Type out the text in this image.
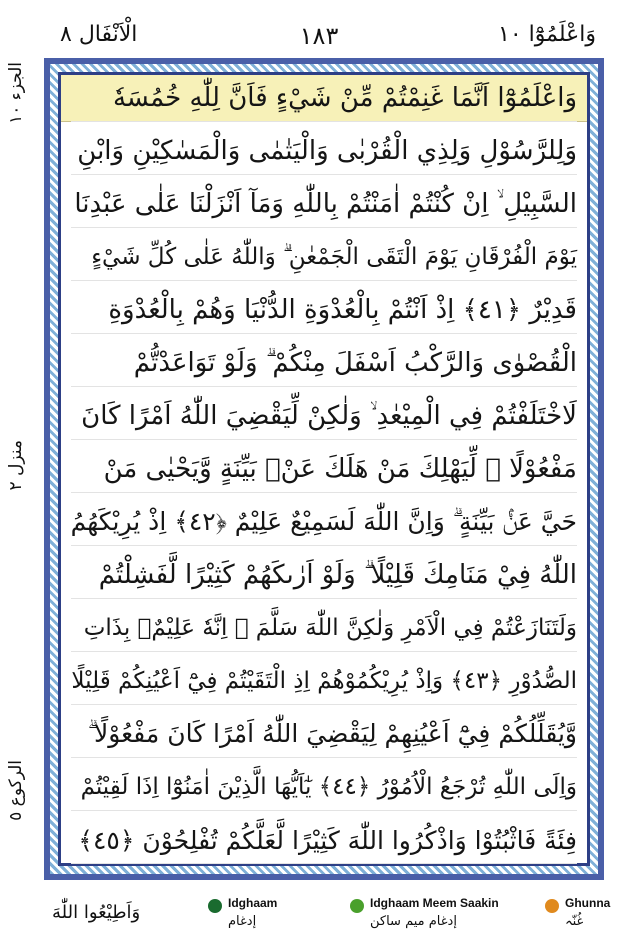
الْاَنْفَال ٨	١٨٣	وَاعْلَمُوْٓا ١٠
الجزء ١٠
منزل ٢
الركوع ٥
وَاعْلَمُوْٓا اَنَّمَا غَنِمْتُمْ مِّنْ شَيْءٍ فَاَنَّ لِلّٰهِ خُمُسَهٗ
وَلِلرَّسُوْلِ وَلِذِي الْقُرْبٰى وَالْيَتٰمٰى وَالْمَسٰكِيْنِ وَابْنِ
السَّبِيْلِ ۙ اِنْ كُنْتُمْ اٰمَنْتُمْ بِاللّٰهِ وَمَآ اَنْزَلْنَا عَلٰى عَبْدِنَا
يَوْمَ الْفُرْقَانِ يَوْمَ الْتَقَى الْجَمْعٰنِ ۗ وَاللّٰهُ عَلٰى كُلِّ شَيْءٍ
قَدِيْرٌ ﴿٤١﴾ اِذْ اَنْتُمْ بِالْعُدْوَةِ الدُّنْيَا وَهُمْ بِالْعُدْوَةِ
الْقُصْوٰى وَالرَّكْبُ اَسْفَلَ مِنْكُمْ ۗ وَلَوْ تَوَاعَدْتُّمْ
لَاخْتَلَفْتُمْ فِي الْمِيْعٰدِ ۙ وَلٰكِنْ لِّيَقْضِيَ اللّٰهُ اَمْرًا كَانَ
مَفْعُوْلًا ۙ لِّيَهْلِكَ مَنْ هَلَكَ عَنْۢ بَيِّنَةٍ وَّيَحْيٰى مَنْ
حَيَّ عَنْۢ بَيِّنَةٍ ۗ وَاِنَّ اللّٰهَ لَسَمِيْعٌ عَلِيْمٌ ﴿٤٢﴾ اِذْ يُرِيْكَهُمُ
اللّٰهُ فِيْ مَنَامِكَ قَلِيْلًا ۗ وَلَوْ اَرٰىكَهُمْ كَثِيْرًا لَّفَشِلْتُمْ
وَلَتَنَازَعْتُمْ فِي الْاَمْرِ وَلٰكِنَّ اللّٰهَ سَلَّمَ ۗ اِنَّهٗ عَلِيْمٌۢ بِذَاتِ
الصُّدُوْرِ ﴿٤٣﴾ وَاِذْ يُرِيْكُمُوْهُمْ اِذِ الْتَقَيْتُمْ فِيْٓ اَعْيُنِكُمْ قَلِيْلًا
وَّيُقَلِّلُكُمْ فِيْٓ اَعْيُنِهِمْ لِيَقْضِيَ اللّٰهُ اَمْرًا كَانَ مَفْعُوْلًا ۗ
وَاِلَى اللّٰهِ تُرْجَعُ الْاُمُوْرُ ﴿٤٤﴾ يٰٓاَيُّهَا الَّذِيْنَ اٰمَنُوْٓا اِذَا لَقِيْتُمْ
فِئَةً فَاثْبُتُوْا وَاذْكُرُوا اللّٰهَ كَثِيْرًا لَّعَلَّكُمْ تُفْلِحُوْنَ ﴿٤٥﴾
وَاَطِيْعُوا اللّٰهَ	Idghaam
إدغام
Idghaam Meem Saakin
إدغام میم ساکن
Ghunna
غُنّہ
